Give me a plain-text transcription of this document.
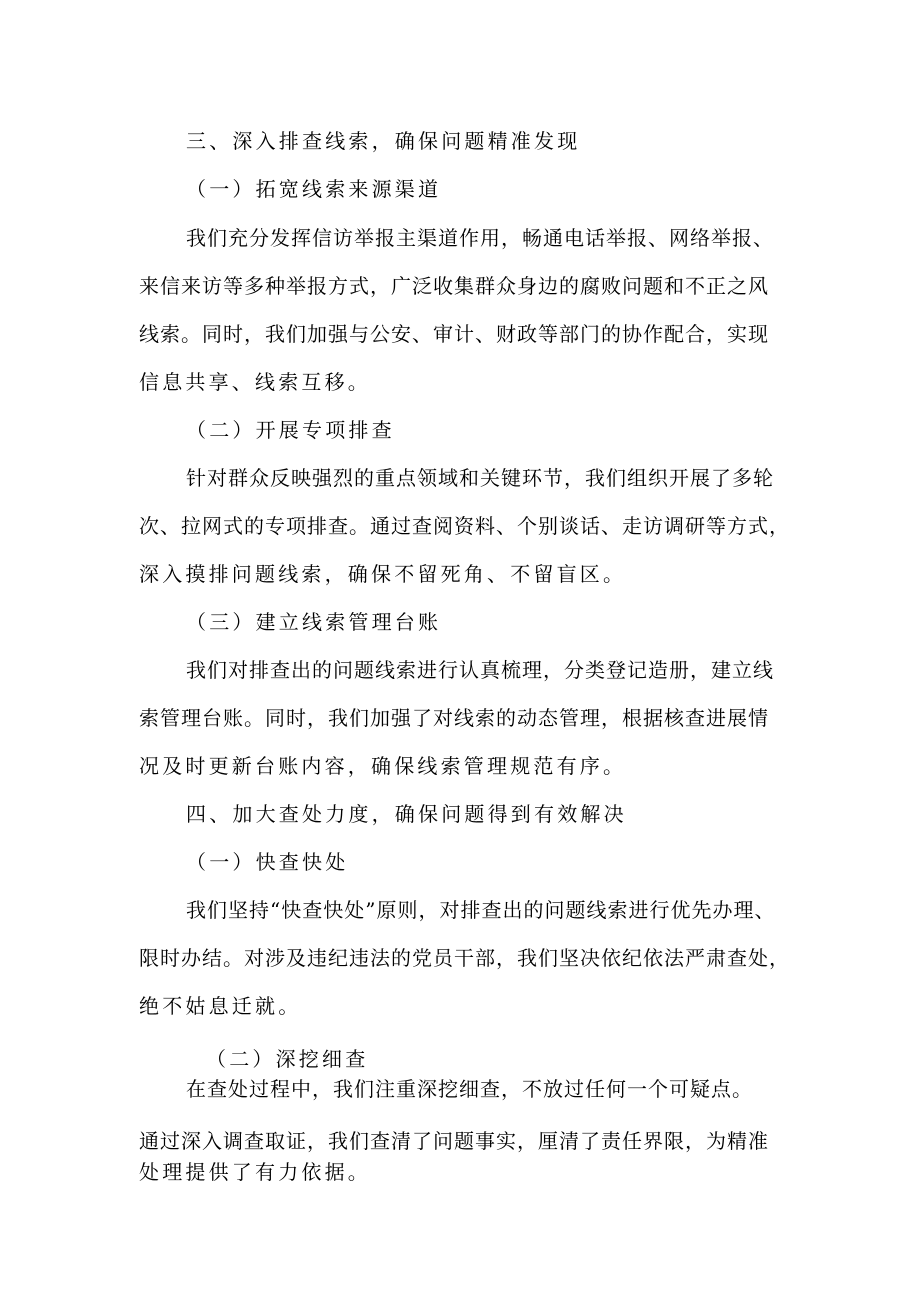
三、深入排查线索，确保问题精准发现
（一）拓宽线索来源渠道
我们充分发挥信访举报主渠道作用，畅通电话举报、网络举报、
来信来访等多种举报方式，广泛收集群众身边的腐败问题和不正之风
线索。同时，我们加强与公安、审计、财政等部门的协作配合，实现
信息共享、线索互移。
（二）开展专项排查
针对群众反映强烈的重点领域和关键环节，我们组织开展了多轮
次、拉网式的专项排查。通过查阅资料、个别谈话、走访调研等方式，
深入摸排问题线索，确保不留死角、不留盲区。
（三）建立线索管理台账
我们对排查出的问题线索进行认真梳理，分类登记造册，建立线
索管理台账。同时，我们加强了对线索的动态管理，根据核查进展情
况及时更新台账内容，确保线索管理规范有序。
四、加大查处力度，确保问题得到有效解决
（一）快查快处
我们坚持“快查快处”原则，对排查出的问题线索进行优先办理、
限时办结。对涉及违纪违法的党员干部，我们坚决依纪依法严肃查处，
绝不姑息迁就。
（二）深挖细查
在查处过程中，我们注重深挖细查，不放过任何一个可疑点。
通过深入调查取证，我们查清了问题事实，厘清了责任界限，为精准
处理提供了有力依据。
